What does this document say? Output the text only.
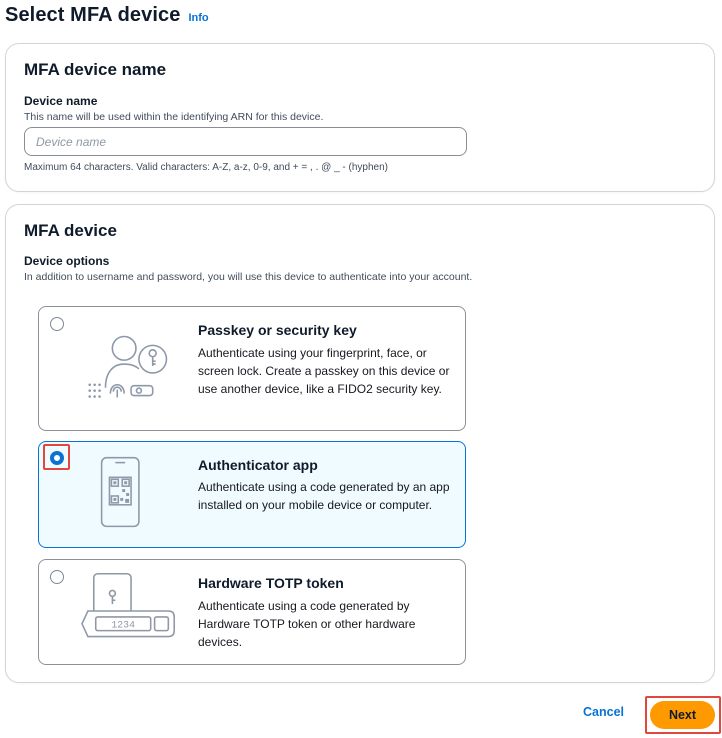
Select MFA device Info
MFA device name
Device name
This name will be used within the identifying ARN for this device.
Device name
Maximum 64 characters. Valid characters: A-Z, a-z, 0-9, and + = , . @ _ - (hyphen)
MFA device
Device options
In addition to username and password, you will use this device to authenticate into your account.
Passkey or security key
Authenticate using your fingerprint, face, or screen lock. Create a passkey on this device or use another device, like a FIDO2 security key.
Authenticator app
Authenticate using a code generated by an app installed on your mobile device or computer.
1234
Hardware TOTP token
Authenticate using a code generated by Hardware TOTP token or other hardware devices.
Cancel	Next
